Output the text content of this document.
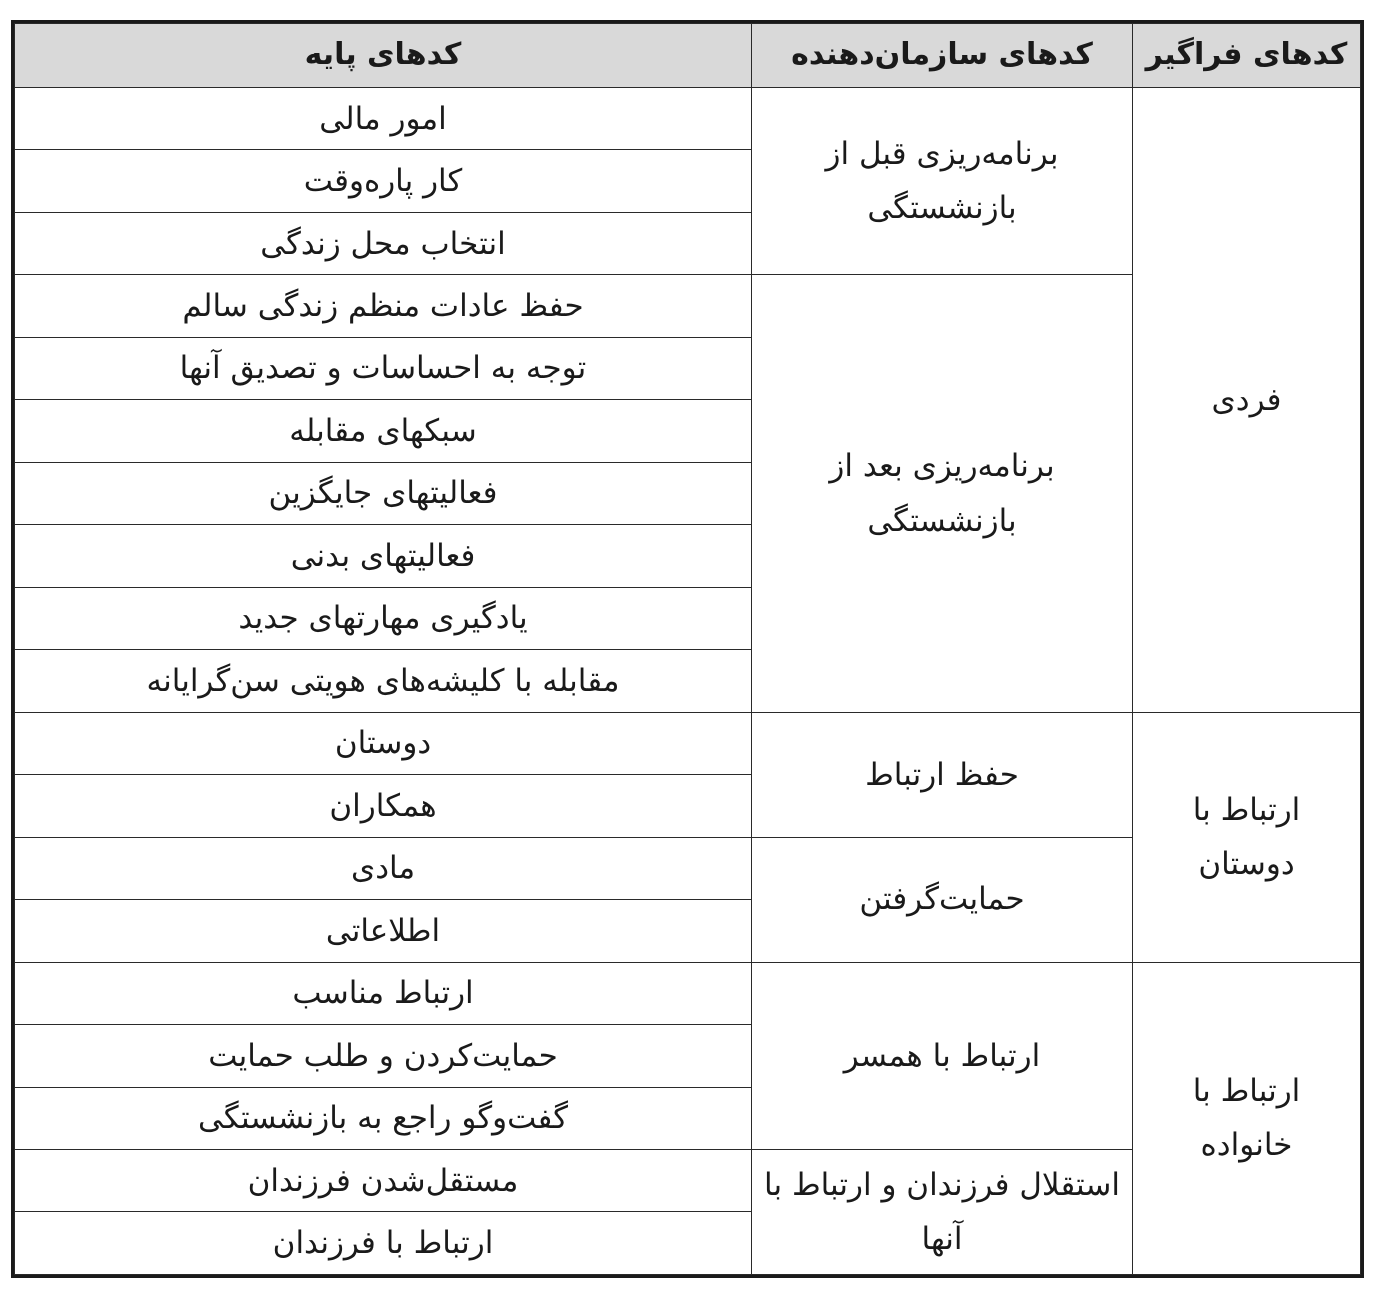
کدهای فراگیر	کدهای سازمان‌دهنده	کدهای پایه
فردی	برنامه‌ریزی قبل از بازنشستگی	امور مالی
		کار پاره‌وقت
		انتخاب محل زندگی
	برنامه‌ریزی بعد از بازنشستگی	حفظ عادات منظم زندگی سالم
		توجه به احساسات و تصدیق آنها
		سبکهای مقابله
		فعالیتهای جایگزین
		فعالیتهای بدنی
		یادگیری مهارتهای جدید
		مقابله با کلیشه‌های هویتی سن‌گرایانه
ارتباط با دوستان	حفظ ارتباط	دوستان
		همکاران
	حمایت‌گرفتن	مادی
		اطلاعاتی
ارتباط با خانواده	ارتباط با همسر	ارتباط مناسب
		حمایت‌کردن و طلب حمایت
		گفت‌وگو راجع به بازنشستگی
	استقلال فرزندان و ارتباط با آنها	مستقل‌شدن فرزندان
		ارتباط با فرزندان
